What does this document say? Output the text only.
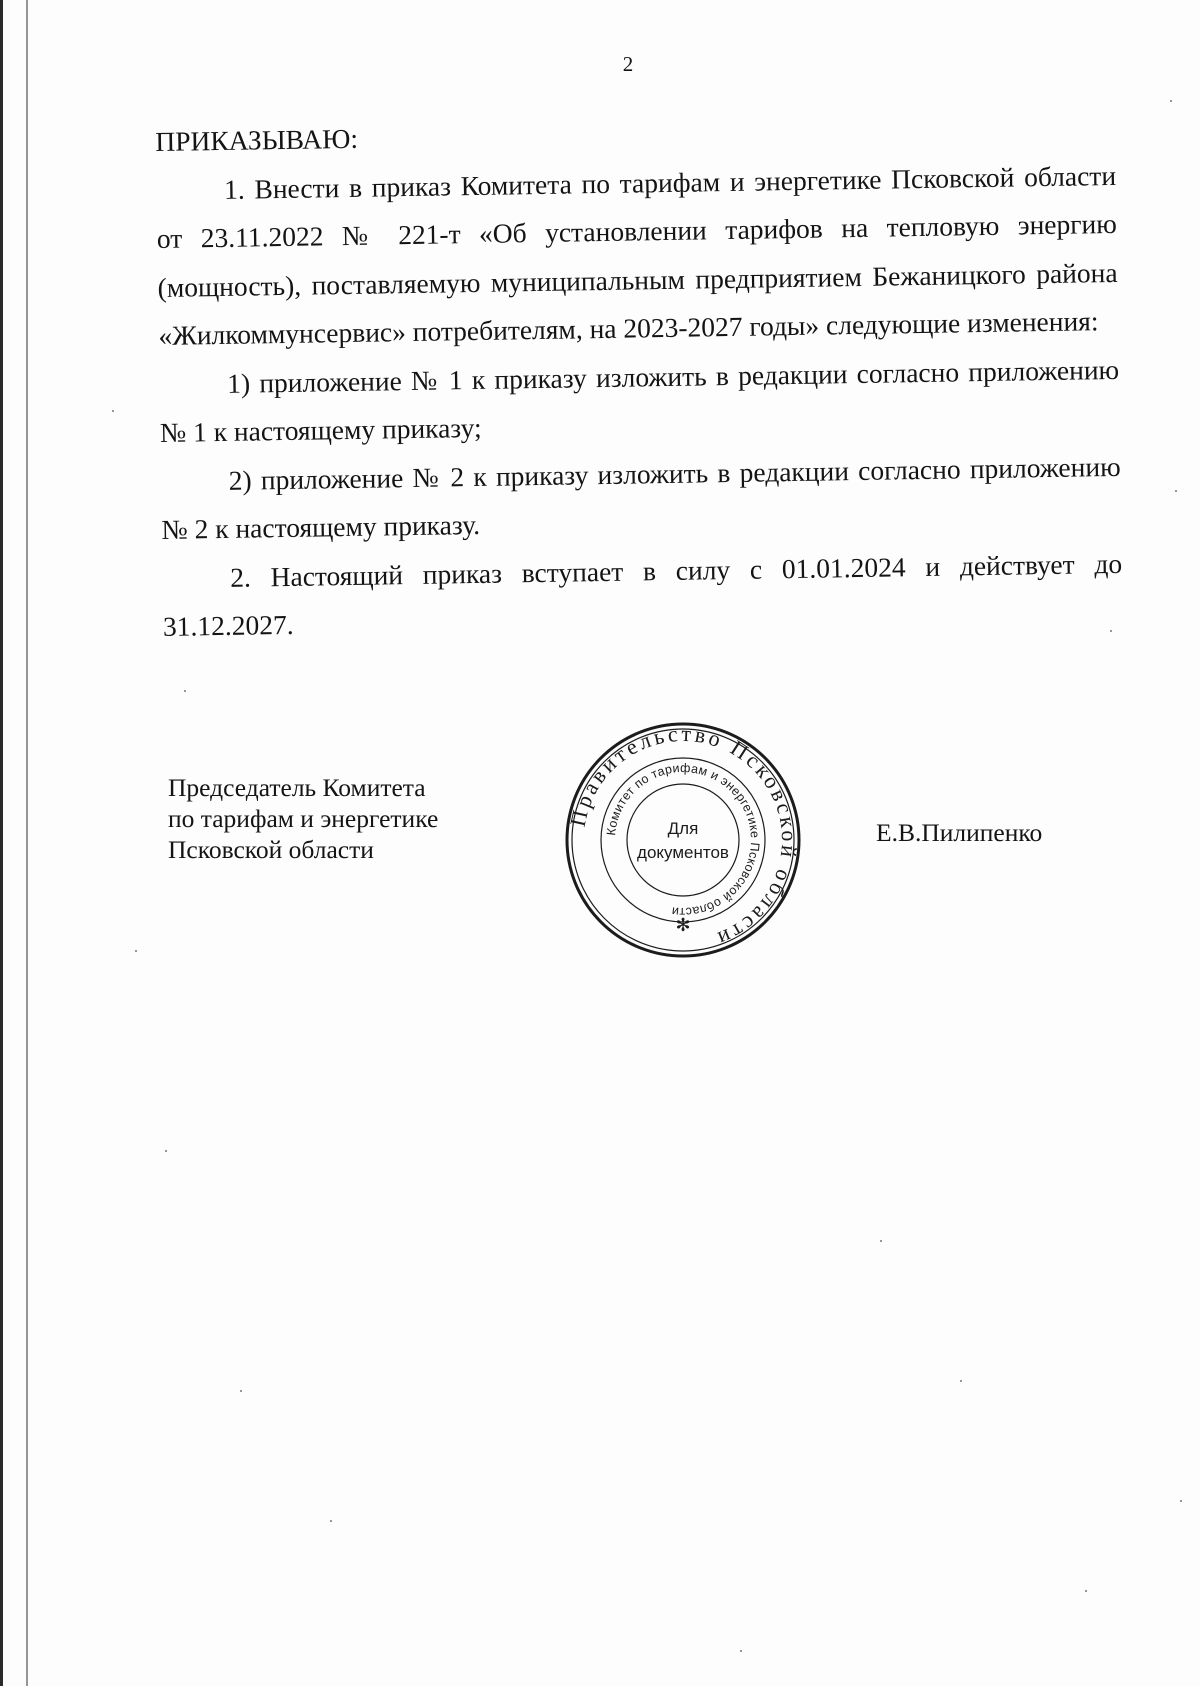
2

ПРИКАЗЫВАЮ:

1. Внести в приказ Комитета по тарифам и энергетике Псковской области от 23.11.2022 № 221-т «Об установлении тарифов на тепловую энергию (мощность), поставляемую муниципальным предприятием Бежаницкого района «Жилкоммунсервис» потребителям, на 2023-2027 годы» следующие изменения:

1) приложение № 1 к приказу изложить в редакции согласно приложению № 1 к настоящему приказу;

2) приложение № 2 к приказу изложить в редакции согласно приложению № 2 к настоящему приказу.

2. Настоящий приказ вступает в силу с 01.01.2024 и действует до 31.12.2027.

Председатель Комитета
по тарифам и энергетике
Псковской области
Е.В.Пилипенко
Правительство Псковской области
Комитет по тарифам и энергетике Псковской области
Для
документов
✻
